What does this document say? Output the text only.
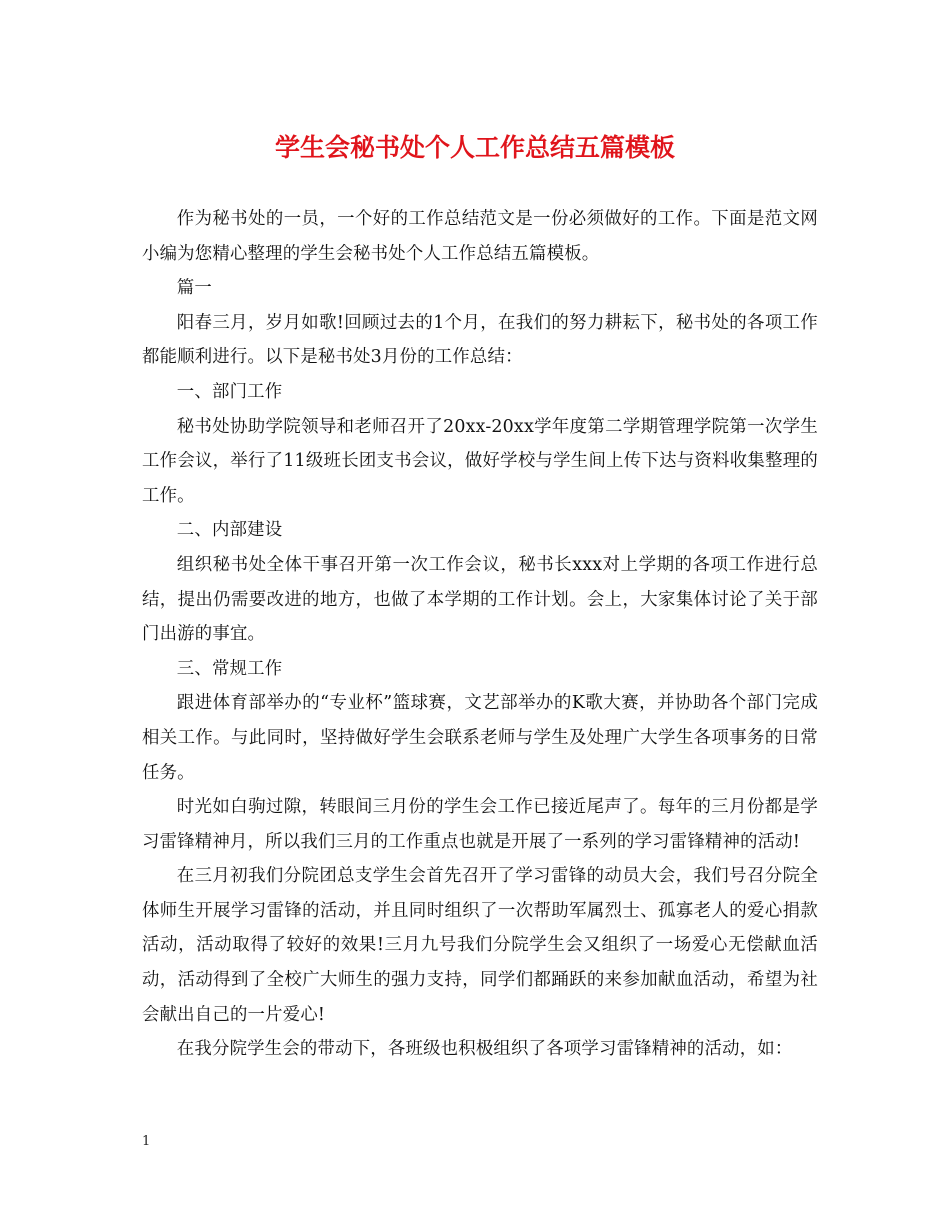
学生会秘书处个人工作总结五篇模板

作为秘书处的一员，一个好的工作总结范文是一份必须做好的工作。下面是范文网小编为您精心整理的学生会秘书处个人工作总结五篇模板。

篇一

阳春三月，岁月如歌!回顾过去的1个月，在我们的努力耕耘下，秘书处的各项工作都能顺利进行。以下是秘书处3月份的工作总结：

一、部门工作

秘书处协助学院领导和老师召开了20xx-20xx学年度第二学期管理学院第一次学生工作会议，举行了11级班长团支书会议，做好学校与学生间上传下达与资料收集整理的工作。

二、内部建设

组织秘书处全体干事召开第一次工作会议，秘书长xxx对上学期的各项工作进行总结，提出仍需要改进的地方，也做了本学期的工作计划。会上，大家集体讨论了关于部门出游的事宜。

三、常规工作

跟进体育部举办的“专业杯”篮球赛，文艺部举办的K歌大赛，并协助各个部门完成相关工作。与此同时，坚持做好学生会联系老师与学生及处理广大学生各项事务的日常任务。

时光如白驹过隙，转眼间三月份的学生会工作已接近尾声了。每年的三月份都是学习雷锋精神月，所以我们三月的工作重点也就是开展了一系列的学习雷锋精神的活动!

在三月初我们分院团总支学生会首先召开了学习雷锋的动员大会，我们号召分院全体师生开展学习雷锋的活动，并且同时组织了一次帮助军属烈士、孤寡老人的爱心捐款活动，活动取得了较好的效果!三月九号我们分院学生会又组织了一场爱心无偿献血活动，活动得到了全校广大师生的强力支持，同学们都踊跃的来参加献血活动，希望为社会献出自己的一片爱心!

在我分院学生会的带动下，各班级也积极组织了各项学习雷锋精神的活动，如：

1
